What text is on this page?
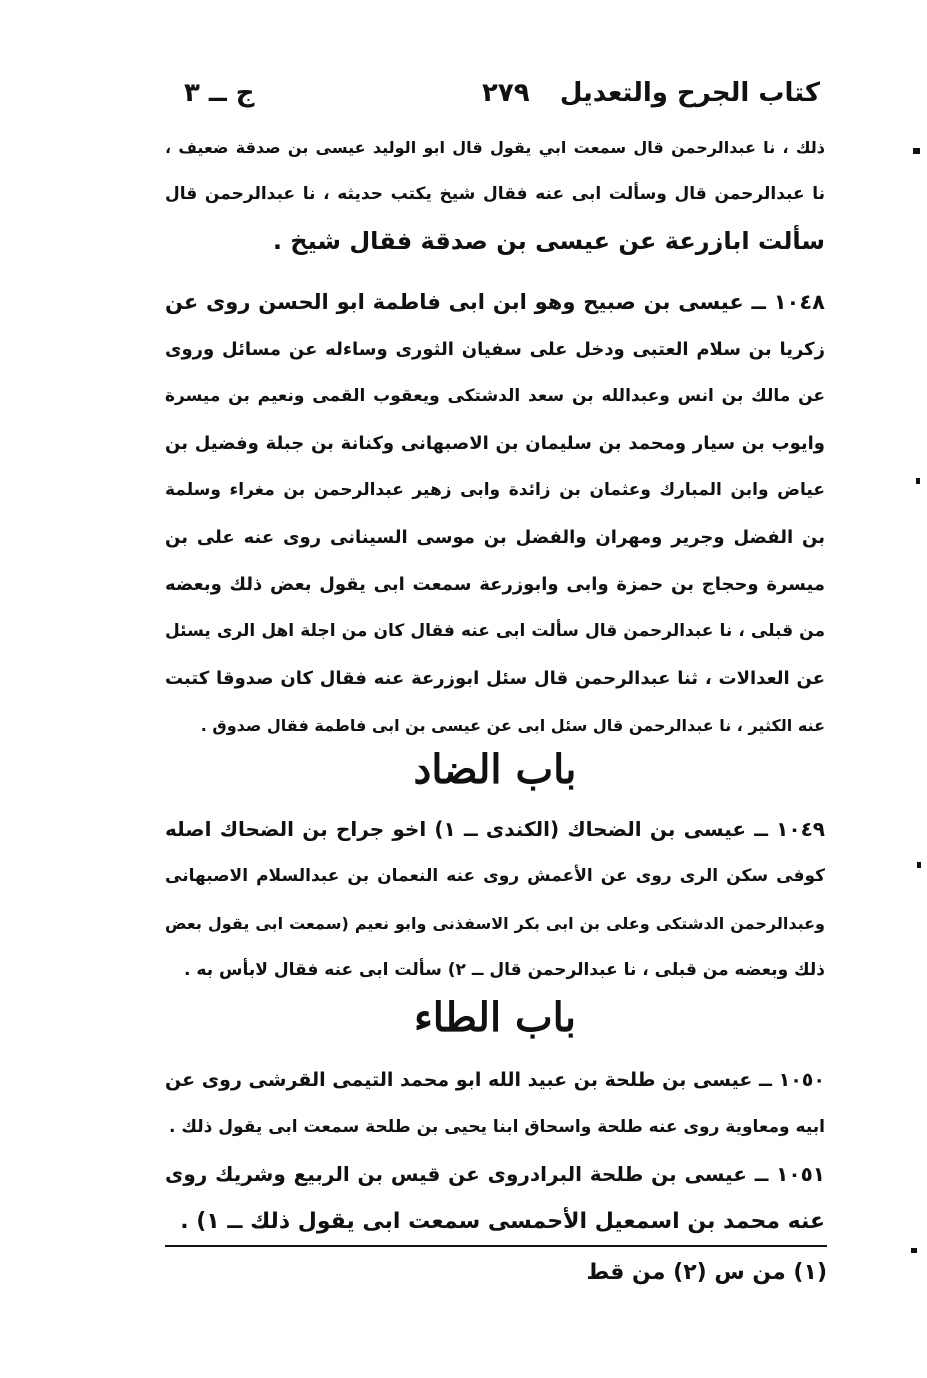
ج ــ ٣	٢٧٩ كتاب الجرح والتعديل
ذلك ، نا عبدالرحمن قال سمعت ابي يقول قال ابو الوليد عيسى بن صدقة ضعيف ،
نا عبدالرحمن قال وسألت ابى عنه فقال شيخ يكتب حديثه ، نا عبدالرحمن قال
سألت ابازرعة عن عيسى بن صدقة فقال شيخ .
١٠٤٨ ــ عيسى بن صبيح وهو ابن ابى فاطمة ابو الحسن روى عن
زكريا بن سلام العتبى ودخل على سفيان الثورى وساءله عن مسائل وروى
عن مالك بن انس وعبدالله بن سعد الدشتكى ويعقوب القمى ونعيم بن ميسرة
وايوب بن سيار ومحمد بن سليمان بن الاصبهانى وكنانة بن جبلة وفضيل بن
عياض وابن المبارك وعثمان بن زائدة وابى زهير عبدالرحمن بن مغراء وسلمة
بن الفضل وجرير ومهران والفضل بن موسى السينانى روى عنه على بن
ميسرة وحجاج بن حمزة وابى وابوزرعة سمعت ابى يقول بعض ذلك وبعضه
من قبلى ، نا عبدالرحمن قال سألت ابى عنه فقال كان من اجلة اهل الرى يسئل
عن العدالات ، ثنا عبدالرحمن قال سئل ابوزرعة عنه فقال كان صدوقا كتبت
عنه الكثير ، نا عبدالرحمن قال سئل ابى عن عيسى بن ابى فاطمة فقال صدوق .
باب الضاد
١٠٤٩ ــ عيسى بن الضحاك (الكندى ــ ١) اخو جراح بن الضحاك اصله
كوفى سكن الرى روى عن الأعمش روى عنه النعمان بن عبدالسلام الاصبهانى
وعبدالرحمن الدشتكى وعلى بن ابى بكر الاسفذنى وابو نعيم (سمعت ابى يقول بعض
ذلك وبعضه من قبلى ، نا عبدالرحمن قال ــ ٢) سألت ابى عنه فقال لابأس به .
باب الطاء
١٠٥٠ ــ عيسى بن طلحة بن عبيد الله ابو محمد التيمى القرشى روى عن
ابيه ومعاوية روى عنه طلحة واسحاق ابنا يحيى بن طلحة سمعت ابى يقول ذلك .
١٠٥١ ــ عيسى بن طلحة البرادروى عن قيس بن الربيع وشريك روى
عنه محمد بن اسمعيل الأحمسى سمعت ابى يقول ذلك ــ ١) .
(١) من س (٢) من قط
